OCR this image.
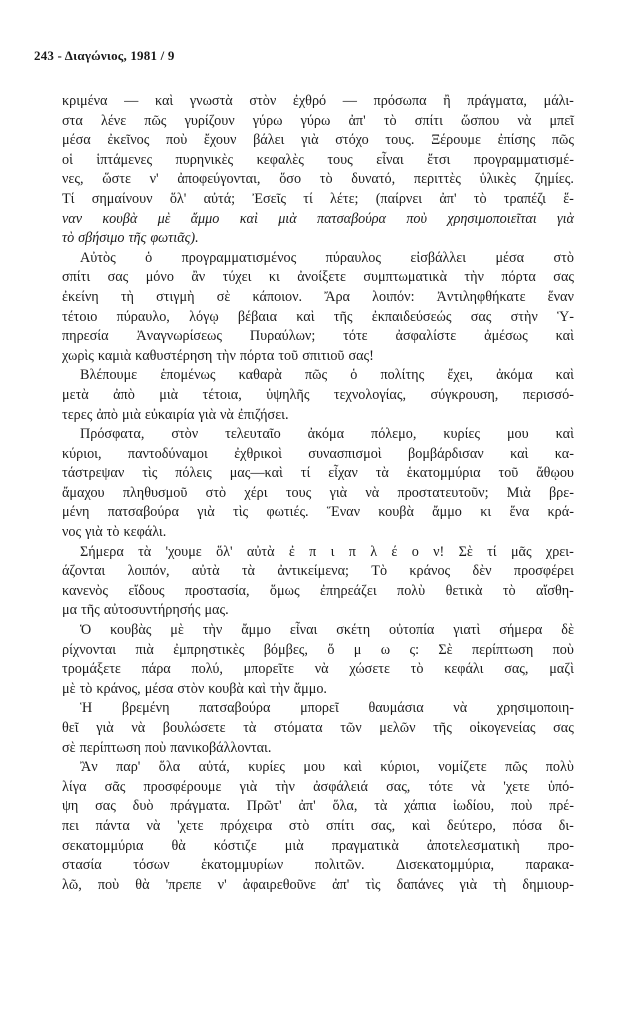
243 - Διαγώνιος, 1981 / 9
κριμένα — καὶ γνωστὰ στὸν ἐχθρό — πρόσωπα ἢ πράγματα, μάλι-
στα λένε πῶς γυρίζουν γύρω γύρω ἀπ' τὸ σπίτι ὥσπου νὰ μπεῖ
μέσα ἐκεῖνος ποὺ ἔχουν βάλει γιὰ στόχο τους. Ξέρουμε ἐπίσης πῶς
οἱ ἱπτάμενες πυρηνικὲς κεφαλὲς τους εἶναι ἔτσι προγραμματισμέ-
νες, ὥστε ν' ἀποφεύγονται, ὅσο τὸ δυνατό, περιττὲς ὑλικὲς ζημίες.
Τί σημαίνουν ὅλ' αὐτά; Ἐσεῖς τί λέτε; (παίρνει ἀπ' τὸ τραπέζι ἕ-
ναν κουβὰ μὲ ἄμμο καὶ μιὰ πατσαβούρα ποὺ χρησιμοποιεῖται γιὰ
τὸ σβήσιμο τῆς φωτιᾶς).
Αὐτὸς ὁ προγραμματισμένος πύραυλος εἰσβάλλει μέσα στὸ
σπίτι σας μόνο ἂν τύχει κι ἀνοίξετε συμπτωματικὰ τὴν πόρτα σας
ἐκείνη τὴ στιγμὴ σὲ κάποιον. Ἄρα λοιπόν: Ἀντιληφθήκατε ἕναν
τέτοιο πύραυλο, λόγῳ βέβαια καὶ τῆς ἐκπαιδεύσεώς σας στὴν Ὑ-
πηρεσία Ἀναγνωρίσεως Πυραύλων; τότε ἀσφαλίστε ἀμέσως καὶ
χωρὶς καμιὰ καθυστέρηση τὴν πόρτα τοῦ σπιτιοῦ σας!
Βλέπουμε ἑπομένως καθαρὰ πῶς ὁ πολίτης ἔχει, ἀκόμα καὶ
μετὰ ἀπὸ μιὰ τέτοια, ὑψηλῆς τεχνολογίας, σύγκρουση, περισσό-
τερες ἀπὸ μιὰ εὐκαιρία γιὰ νὰ ἐπιζήσει.
Πρόσφατα, στὸν τελευταῖο ἀκόμα πόλεμο, κυρίες μου καὶ
κύριοι, παντοδύναμοι ἐχθρικοὶ συνασπισμοὶ βομβάρδισαν καὶ κα-
τάστρεψαν τὶς πόλεις μας—καὶ τί εἶχαν τὰ ἑκατομμύρια τοῦ ἄθῳου
ἄμαχου πληθυσμοῦ στὸ χέρι τους γιὰ νὰ προστατευτοῦν; Μιὰ βρε-
μένη πατσαβούρα γιὰ τὶς φωτιές. Ἕναν κουβὰ ἄμμο κι ἕνα κρά-
νος γιὰ τὸ κεφάλι.
Σήμερα τὰ 'χουμε ὅλ' αὐτὰ ἐ π ι π λ έ ο ν! Σὲ τί μᾶς χρει-
άζονται λοιπόν, αὐτὰ τὰ ἀντικείμενα; Τὸ κράνος δὲν προσφέρει
κανενὸς εἴδους προστασία, ὅμως ἐπηρεάζει πολὺ θετικὰ τὸ αἴσθη-
μα τῆς αὐτοσυντήρησής μας.
Ὁ κουβὰς μὲ τὴν ἄμμο εἶναι σκέτη οὐτοπία γιατὶ σήμερα δὲ
ρίχνονται πιὰ ἐμπρηστικὲς βόμβες, ὅ μ ω ς: Σὲ περίπτωση ποὺ
τρομάξετε πάρα πολύ, μπορεῖτε νὰ χώσετε τὸ κεφάλι σας, μαζὶ
μὲ τὸ κράνος, μέσα στὸν κουβὰ καὶ τὴν ἄμμο.
Ἡ βρεμένη πατσαβούρα μπορεῖ θαυμάσια νὰ χρησιμοποιη-
θεῖ γιὰ νὰ βουλώσετε τὰ στόματα τῶν μελῶν τῆς οἰκογενείας σας
σὲ περίπτωση ποὺ πανικοβάλλονται.
Ἂν παρ' ὅλα αὐτά, κυρίες μου καὶ κύριοι, νομίζετε πῶς πολὺ
λίγα σᾶς προσφέρουμε γιὰ τὴν ἀσφάλειά σας, τότε νὰ 'χετε ὑπό-
ψη σας δυὸ πράγματα. Πρῶτ' ἀπ' ὅλα, τὰ χάπια ἰωδίου, ποὺ πρέ-
πει πάντα νὰ 'χετε πρόχειρα στὸ σπίτι σας, καὶ δεύτερο, πόσα δι-
σεκατομμύρια θὰ κόστιζε μιὰ πραγματικὰ ἀποτελεσματικὴ προ-
στασία τόσων ἑκατομμυρίων πολιτῶν. Δισεκατομμύρια, παρακα-
λῶ, ποὺ θὰ 'πρεπε ν' ἀφαιρεθοῦνε ἀπ' τὶς δαπάνες γιὰ τὴ δημιουρ-
